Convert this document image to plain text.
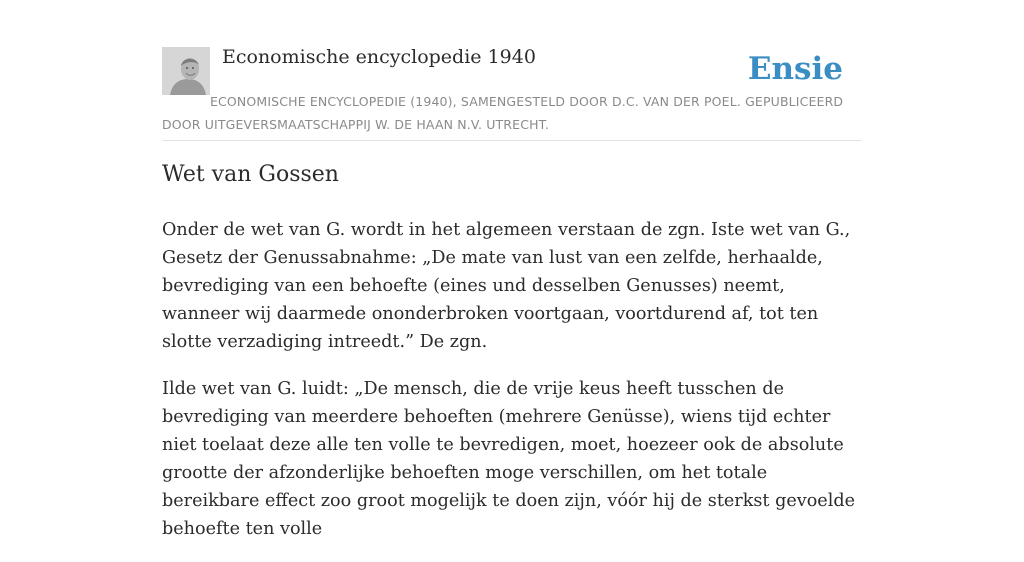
Economische encyclopedie 1940	Ensie
ECONOMISCHE ENCYCLOPEDIE (1940), SAMENGESTELD DOOR D.C. VAN DER POEL. GEPUBLICEERD DOOR UITGEVERSMAATSCHAPPIJ W. DE HAAN N.V. UTRECHT.
Wet van Gossen

Onder de wet van G. wordt in het algemeen verstaan de zgn. Iste wet van G., Gesetz der Genussabnahme: „De mate van lust van een zelfde, herhaalde, bevrediging van een behoefte (eines und desselben Genusses) neemt, wanneer wij daarmede ononderbroken voortgaan, voortdurend af, tot ten slotte verzadiging intreedt.” De zgn.

Ilde wet van G. luidt: „De mensch, die de vrije keus heeft tusschen de bevrediging van meerdere behoeften (mehrere Genüsse), wiens tijd echter niet toelaat deze alle ten volle te bevredigen, moet, hoezeer ook de absolute grootte der afzonderlijke behoeften moge verschillen, om het totale bereikbare effect zoo groot mogelijk te doen zijn, vóór hij de sterkst gevoelde behoefte ten volle
